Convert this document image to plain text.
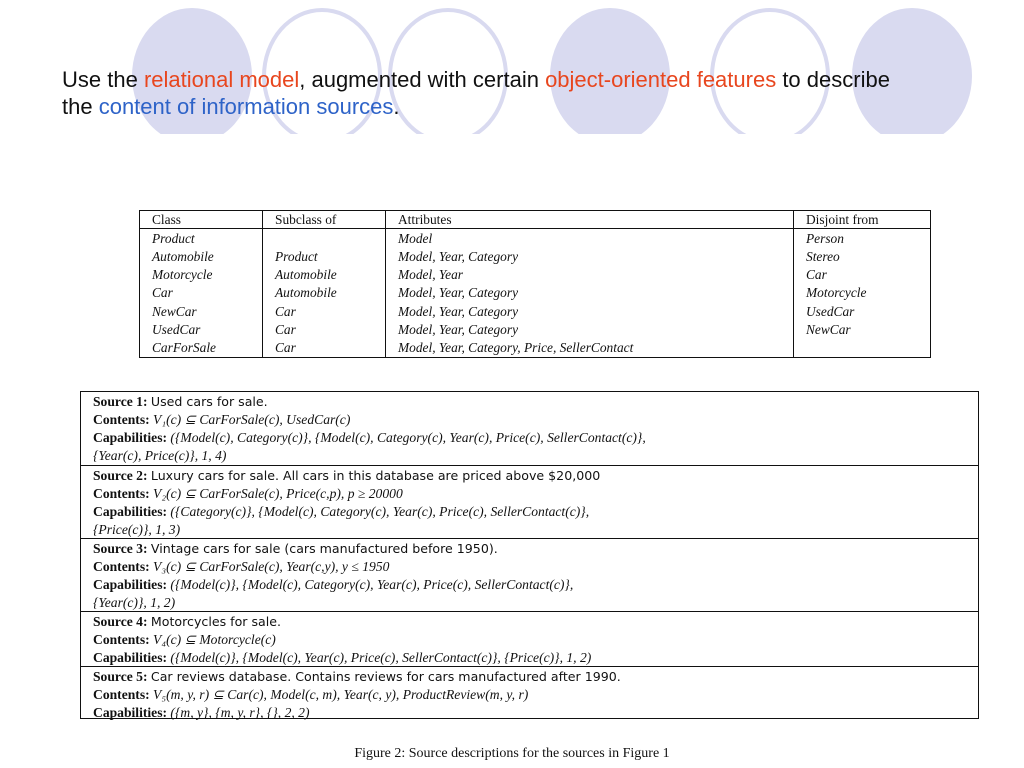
Use the relational model, augmented with certain object-oriented features to describe the content of information sources.
Class	Subclass of	Attributes	Disjoint from
Product		Model	Person
Automobile	Product	Model, Year, Category	Stereo
Motorcycle	Automobile	Model, Year	Car
Car	Automobile	Model, Year, Category	Motorcycle
NewCar	Car	Model, Year, Category	UsedCar
UsedCar	Car	Model, Year, Category	NewCar
CarForSale	Car	Model, Year, Category, Price, SellerContact	
Source 1: Used cars for sale.
Contents: V₁(c) ⊆ CarForSale(c), UsedCar(c)
Capabilities: ({Model(c), Category(c)}, {Model(c), Category(c), Year(c), Price(c), SellerContact(c)},
{Year(c), Price(c)}, 1, 4)
Source 2: Luxury cars for sale. All cars in this database are priced above $20,000
Contents: V₂(c) ⊆ CarForSale(c), Price(c,p), p ≥ 20000
Capabilities: ({Category(c)}, {Model(c), Category(c), Year(c), Price(c), SellerContact(c)},
{Price(c)}, 1, 3)
Source 3: Vintage cars for sale (cars manufactured before 1950).
Contents: V₃(c) ⊆ CarForSale(c), Year(c,y), y ≤ 1950
Capabilities: ({Model(c)}, {Model(c), Category(c), Year(c), Price(c), SellerContact(c)},
{Year(c)}, 1, 2)
Source 4: Motorcycles for sale.
Contents: V₄(c) ⊆ Motorcycle(c)
Capabilities: ({Model(c)}, {Model(c), Year(c), Price(c), SellerContact(c)}, {Price(c)}, 1, 2)
Source 5: Car reviews database. Contains reviews for cars manufactured after 1990.
Contents: V₅(m, y, r) ⊆ Car(c), Model(c, m), Year(c, y), ProductReview(m, y, r)
Capabilities: ({m, y}, {m, y, r}, {}, 2, 2)
Figure 2: Source descriptions for the sources in Figure 1
